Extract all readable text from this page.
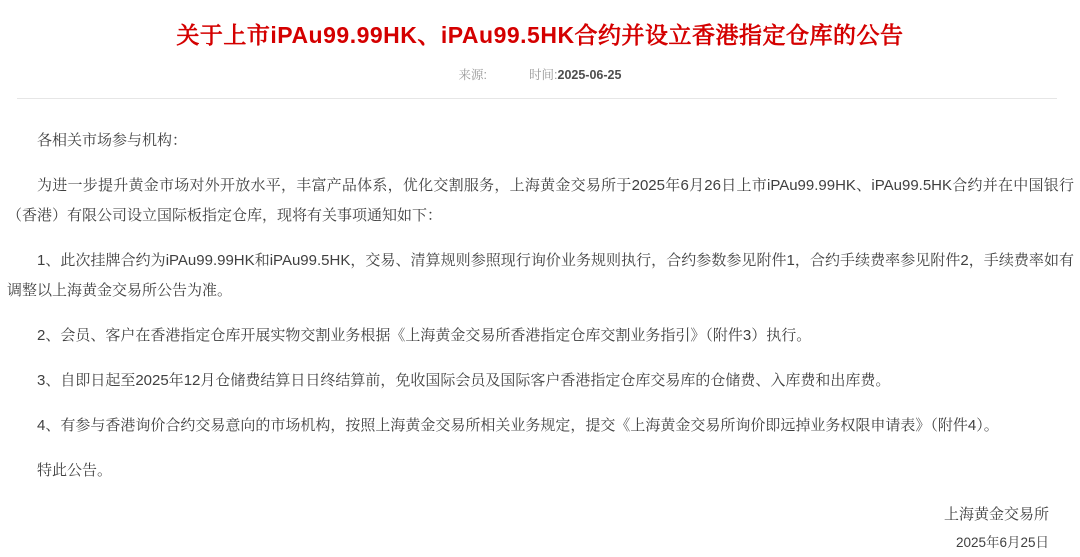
关于上市iPAu99.99HK、iPAu99.5HK合约并设立香港指定仓库的公告
来源:	时间:2025-06-25

各相关市场参与机构：

为进一步提升黄金市场对外开放水平，丰富产品体系，优化交割服务，上海黄金交易所于2025年6月26日上市iPAu99.99HK、iPAu99.5HK合约并在中国银行（香港）有限公司设立国际板指定仓库，现将有关事项通知如下：

1、此次挂牌合约为iPAu99.99HK和iPAu99.5HK，交易、清算规则参照现行询价业务规则执行，合约参数参见附件1，合约手续费率参见附件2，手续费率如有调整以上海黄金交易所公告为准。

2、会员、客户在香港指定仓库开展实物交割业务根据《上海黄金交易所香港指定仓库交割业务指引》（附件3）执行。

3、自即日起至2025年12月仓储费结算日日终结算前，免收国际会员及国际客户香港指定仓库交易库的仓储费、入库费和出库费。

4、有参与香港询价合约交易意向的市场机构，按照上海黄金交易所相关业务规定，提交《上海黄金交易所询价即远掉业务权限申请表》（附件4）。

特此公告。

上海黄金交易所
2025年6月25日
